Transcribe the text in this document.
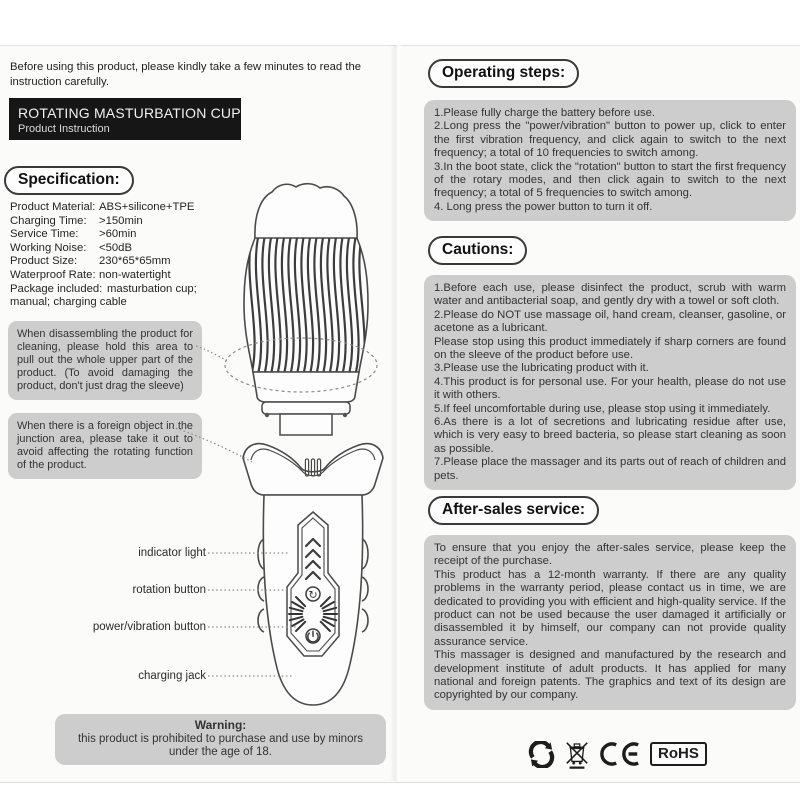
Before using this product, please kindly take a few minutes to read the instruction carefully.
ROTATING MASTURBATION CUP
Product Instruction
Specification:
Product Material: ABS+silicone+TPE
Charging Time:	>150min
Service Time:	>60min
Working Noise:	<50dB
Product Size:	230*65*65mm
Waterproof Rate: non-watertight
Package included: masturbation cup;
manual; charging cable
When disassembling the product for cleaning, please hold this area to pull out the whole upper part of the product. (To avoid damaging the product, don't just drag the sleeve)
When there is a foreign object in the junction area, please take it out to avoid affecting the rotating function of the product.
↻
indicator light
rotation button
power/vibration button
charging jack
Warning:
this product is prohibited to purchase and use by minors under the age of 18.
Operating steps:

1.Please fully charge the battery before use.

2.Long press the "power/vibration" button to power up, click to enter the first vibration frequency, and click again to switch to the next frequency; a total of 10 frequencies to switch among.

3.In the boot state, click the "rotation" button to start the first frequency of the rotary modes, and then click again to switch to the next frequency; a total of 5 frequencies to switch among.

4. Long press the power button to turn it off.

Cautions:

1.Before each use, please disinfect the product, scrub with warm water and antibacterial soap, and gently dry with a towel or soft cloth.

2.Please do NOT use massage oil, hand cream, cleanser, gasoline, or acetone as a lubricant.

Please stop using this product immediately if sharp corners are found on the sleeve of the product before use.

3.Please use the lubricating product with it.

4.This product is for personal use. For your health, please do not use it with others.

5.If feel uncomfortable during use, please stop using it immediately.

6.As there is a lot of secretions and lubricating residue after use, which is very easy to breed bacteria, so please start cleaning as soon as possible.

7.Please place the massager and its parts out of reach of children and pets.

After-sales service:

To ensure that you enjoy the after-sales service, please keep the receipt of the purchase.

This product has a 12-month warranty. If there are any quality problems in the warranty period, please contact us in time, we are dedicated to providing you with efficient and high-quality service. If the product can not be used because the user damaged it artificially or disassembled it by himself, our company can not provide quality assurance service.

This massager is designed and manufactured by the research and development institute of adult products. It has applied for many national and foreign patents. The graphics and text of its design are copyrighted by our company.

RoHS
